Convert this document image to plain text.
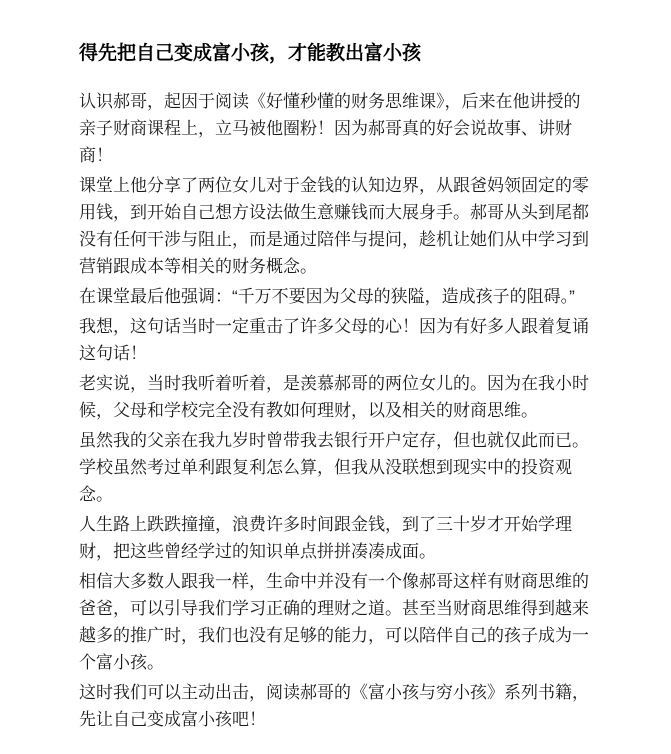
得先把自己变成富小孩，才能教出富小孩

认识郝哥，起因于阅读《好懂秒懂的财务思维课》，后来在他讲授的亲子财商课程上，立马被他圈粉！因为郝哥真的好会说故事、讲财商！

课堂上他分享了两位女儿对于金钱的认知边界，从跟爸妈领固定的零用钱，到开始自己想方设法做生意赚钱而大展身手。郝哥从头到尾都没有任何干涉与阻止，而是通过陪伴与提问，趁机让她们从中学习到营销跟成本等相关的财务概念。

在课堂最后他强调：“千万不要因为父母的狭隘，造成孩子的阻碍。”

我想，这句话当时一定重击了许多父母的心！因为有好多人跟着复诵这句话！

老实说，当时我听着听着，是羡慕郝哥的两位女儿的。因为在我小时候，父母和学校完全没有教如何理财，以及相关的财商思维。

虽然我的父亲在我九岁时曾带我去银行开户定存，但也就仅此而已。学校虽然考过单利跟复利怎么算，但我从没联想到现实中的投资观念。

人生路上跌跌撞撞，浪费许多时间跟金钱，到了三十岁才开始学理财，把这些曾经学过的知识单点拼拼凑凑成面。

相信大多数人跟我一样，生命中并没有一个像郝哥这样有财商思维的爸爸，可以引导我们学习正确的理财之道。甚至当财商思维得到越来越多的推广时，我们也没有足够的能力，可以陪伴自己的孩子成为一个富小孩。

这时我们可以主动出击，阅读郝哥的《富小孩与穷小孩》系列书籍，先让自己变成富小孩吧！
